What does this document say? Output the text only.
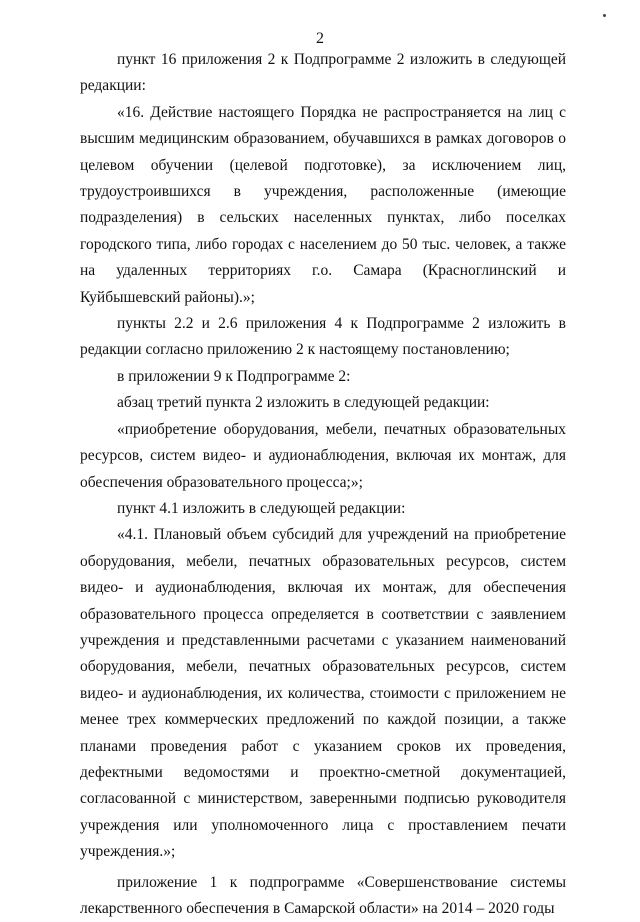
2

пункт 16 приложения 2 к Подпрограмме 2 изложить в следующей редакции:

«16. Действие настоящего Порядка не распространяется на лиц с высшим медицинским образованием, обучавшихся в рамках договоров о целевом обучении (целевой подготовке), за исключением лиц, трудоустроившихся в учреждения, расположенные (имеющие подразделения) в сельских населенных пунктах, либо поселках городского типа, либо городах с населением до 50 тыс. человек, а также на удаленных территориях г.о. Самара (Красноглинский и Куйбышевский районы).»;

пункты 2.2 и 2.6 приложения 4 к Подпрограмме 2 изложить в редакции согласно приложению 2 к настоящему постановлению;

в приложении 9 к Подпрограмме 2:

абзац третий пункта 2 изложить в следующей редакции:

«приобретение оборудования, мебели, печатных образовательных ресурсов, систем видео- и аудионаблюдения, включая их монтаж, для обеспечения образовательного процесса;»;

пункт 4.1 изложить в следующей редакции:

«4.1. Плановый объем субсидий для учреждений на приобретение оборудования, мебели, печатных образовательных ресурсов, систем видео- и аудионаблюдения, включая их монтаж, для обеспечения образовательного процесса определяется в соответствии с заявлением учреждения и представленными расчетами с указанием наименований оборудования, мебели, печатных образовательных ресурсов, систем видео- и аудионаблюдения, их количества, стоимости с приложением не менее трех коммерческих предложений по каждой позиции, а также планами проведения работ с указанием сроков их проведения, дефектными ведомостями и проектно-сметной документацией, согласованной с министерством, заверенными подписью руководителя учреждения или уполномоченного лица с проставлением печати учреждения.»;

приложение 1 к подпрограмме «Совершенствование системы лекарственного обеспечения в Самарской области» на 2014 – 2020 годы
